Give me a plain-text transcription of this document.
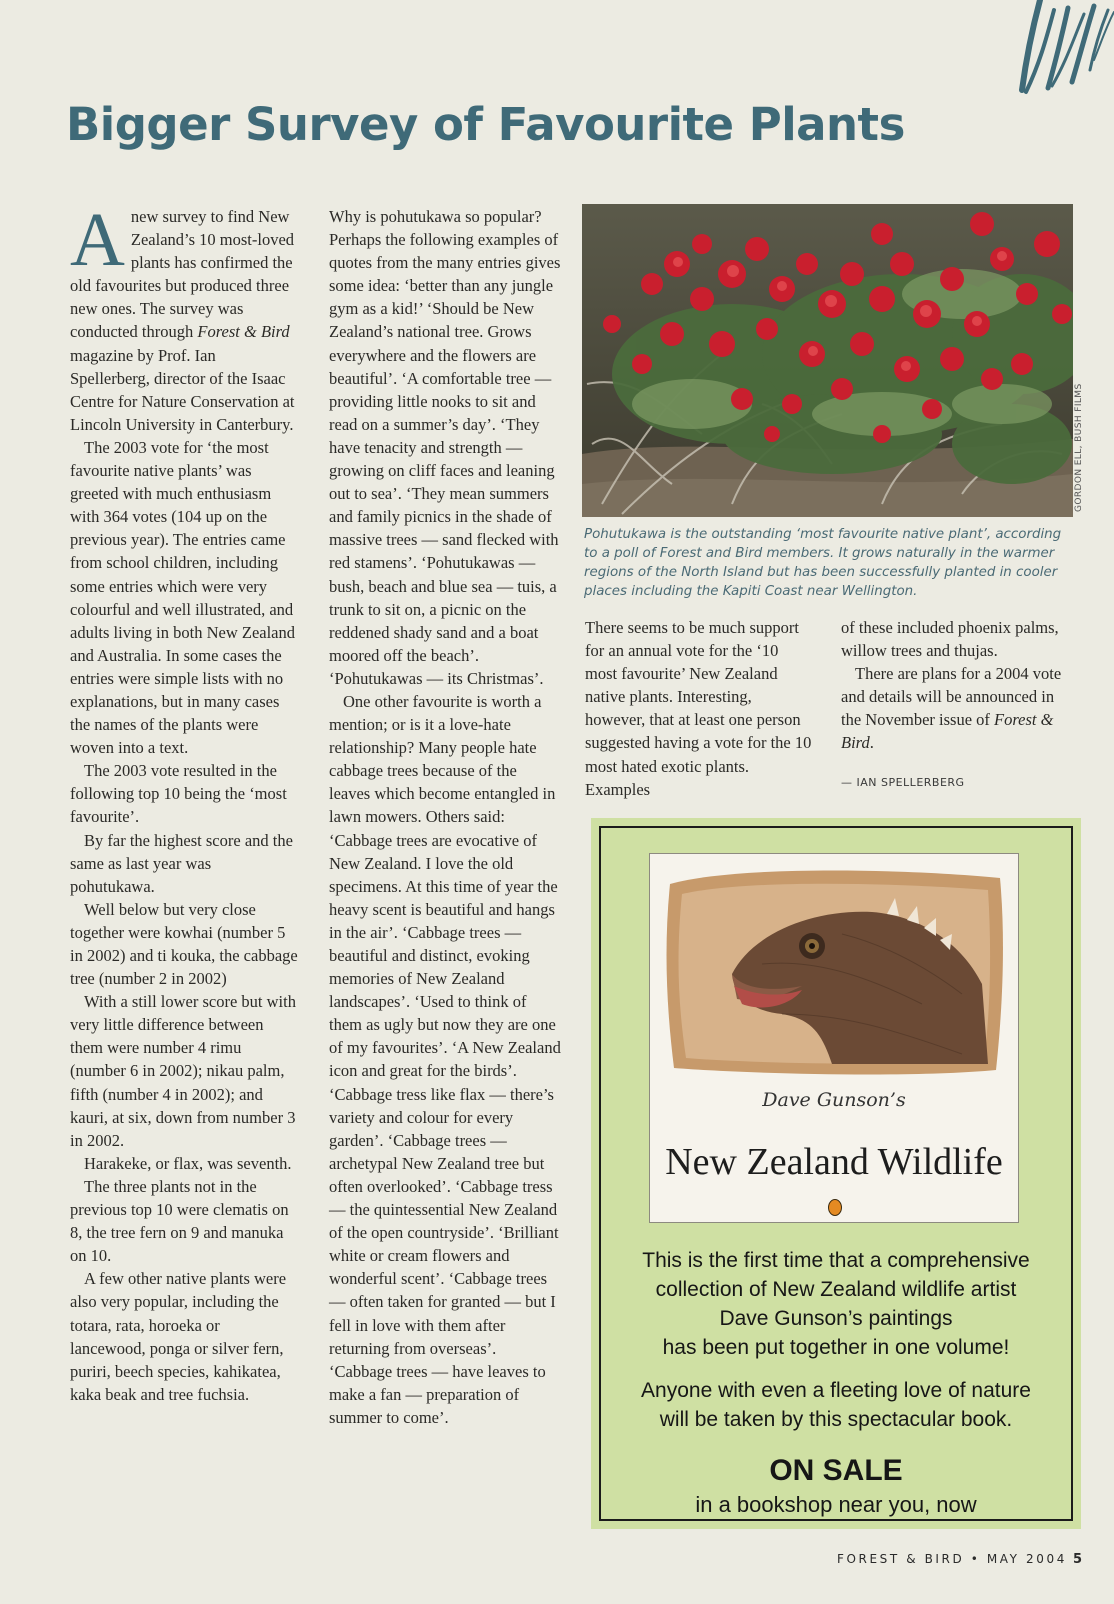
Bigger Survey of Favourite Plants

Anew survey to find New Zealand’s 10 most-loved plants has confirmed the old favourites but produced three new ones. The survey was conducted through Forest & Bird magazine by Prof. Ian Spellerberg, director of the Isaac Centre for Nature Conservation at Lincoln University in Canterbury.

The 2003 vote for ‘the most favourite native plants’ was greeted with much enthusiasm with 364 votes (104 up on the previous year). The entries came from school children, including some entries which were very colourful and well illustrated, and adults living in both New Zealand and Australia. In some cases the entries were simple lists with no explanations, but in many cases the names of the plants were woven into a text.

The 2003 vote resulted in the following top 10 being the ‘most favourite’.

By far the highest score and the same as last year was pohutukawa.

Well below but very close together were kowhai (number 5 in 2002) and ti kouka, the cabbage tree (number 2 in 2002)

With a still lower score but with very little difference between them were number 4 rimu (number 6 in 2002); nikau palm, fifth (number 4 in 2002); and kauri, at six, down from number 3 in 2002.

Harakeke, or flax, was seventh.

The three plants not in the previous top 10 were clematis on 8, the tree fern on 9 and manuka on 10.

A few other native plants were also very popular, including the totara, rata, horoeka or lancewood, ponga or silver fern, puriri, beech species, kahikatea, kaka beak and tree fuchsia.

Why is pohutukawa so popular? Perhaps the following examples of quotes from the many entries gives some idea: ‘better than any jungle gym as a kid!’ ‘Should be New Zealand’s national tree. Grows everywhere and the flowers are beautiful’. ‘A comfortable tree — providing little nooks to sit and read on a summer’s day’. ‘They have tenacity and strength — growing on cliff faces and leaning out to sea’. ‘They mean summers and family picnics in the shade of massive trees — sand flecked with red stamens’. ‘Pohutukawas — bush, beach and blue sea — tuis, a trunk to sit on, a picnic on the reddened shady sand and a boat moored off the beach’. ‘Pohutukawas — its Christmas’.

One other favourite is worth a mention; or is it a love-hate relationship? Many people hate cabbage trees because of the leaves which become entangled in lawn mowers. Others said: ‘Cabbage trees are evocative of New Zealand. I love the old specimens. At this time of year the heavy scent is beautiful and hangs in the air’. ‘Cabbage trees — beautiful and distinct, evoking memories of New Zealand landscapes’. ‘Used to think of them as ugly but now they are one of my favourites’. ‘A New Zealand icon and great for the birds’. ‘Cabbage tress like flax — there’s variety and colour for every garden’. ‘Cabbage trees — archetypal New Zealand tree but often overlooked’. ‘Cabbage tress — the quintessential New Zealand of the open countryside’. ‘Brilliant white or cream flowers and wonderful scent’. ‘Cabbage trees — often taken for granted — but I fell in love with them after returning from overseas’. ‘Cabbage trees — have leaves to make a fan — preparation of summer to come’.

GORDON ELL, BUSH FILMS

Pohutukawa is the outstanding ‘most favourite native plant’, according to a poll of Forest and Bird members. It grows naturally in the warmer regions of the North Island but has been successfully planted in cooler places including the Kapiti Coast near Wellington.

There seems to be much support for an annual vote for the ‘10 most favourite’ New Zealand native plants. Interesting, however, that at least one person suggested having a vote for the 10 most hated exotic plants. Examples

of these included phoenix palms, willow trees and thujas.

There are plans for a 2004 vote and details will be announced in the November issue of Forest & Bird.

— IAN SPELLERBERG
Dave Gunson’s
New Zealand Wildlife

This is the first time that a comprehensive
collection of New Zealand wildlife artist
Dave Gunson’s paintings
has been put together in one volume!

Anyone with even a fleeting love of nature
will be taken by this spectacular book.

ON SALE

in a bookshop near you, now

FOREST & BIRD • MAY 2004 5
